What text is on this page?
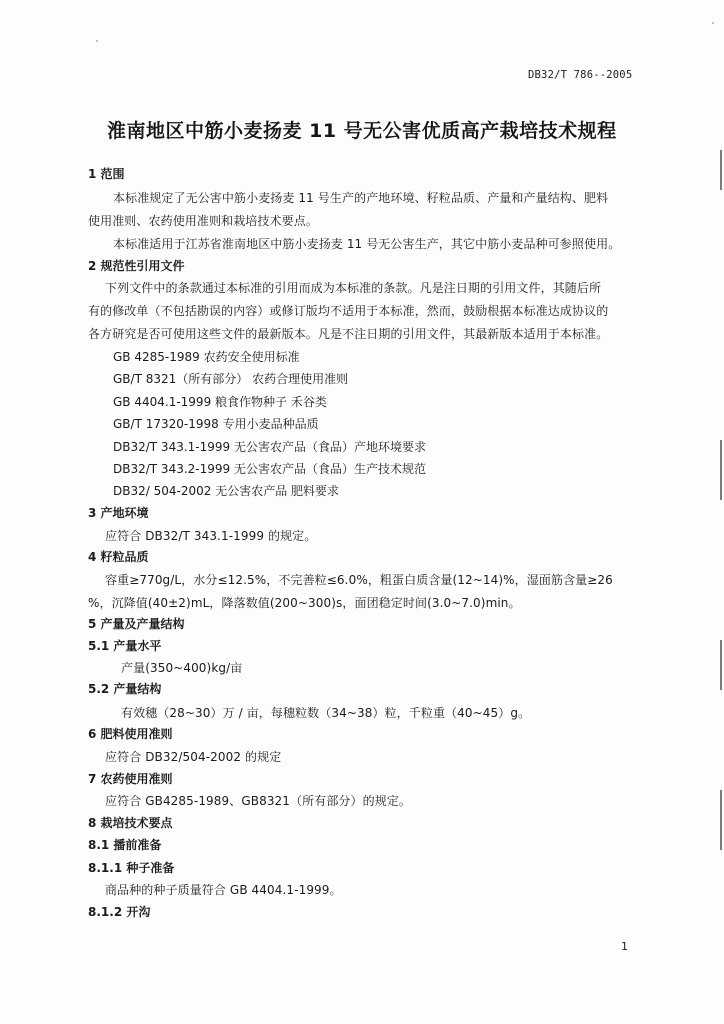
DB32/T 786--2005
淮南地区中筋小麦扬麦 11 号无公害优质高产栽培技术规程
1 范围
本标准规定了无公害中筋小麦扬麦 11 号生产的产地环境、籽粒品质、产量和产量结构、肥料
使用准则、农药使用准则和栽培技术要点。
本标准适用于江苏省淮南地区中筋小麦扬麦 11 号无公害生产，其它中筋小麦品种可参照使用。
2 规范性引用文件
下列文件中的条款通过本标准的引用而成为本标准的条款。凡是注日期的引用文件，其随后所
有的修改单（不包括勘误的内容）或修订版均不适用于本标准，然而，鼓励根据本标准达成协议的
各方研究是否可使用这些文件的最新版本。凡是不注日期的引用文件，其最新版本适用于本标准。
GB 4285-1989 农药安全使用标准
GB/T 8321（所有部分） 农药合理使用准则
GB 4404.1-1999 粮食作物种子 禾谷类
GB/T 17320-1998 专用小麦品种品质
DB32/T 343.1-1999 无公害农产品（食品）产地环境要求
DB32/T 343.2-1999 无公害农产品（食品）生产技术规范
DB32/ 504-2002 无公害农产品 肥料要求
3 产地环境
应符合 DB32/T 343.1-1999 的规定。
4 籽粒品质
容重≥770g/L，水分≤12.5%，不完善粒≤6.0%，粗蛋白质含量(12~14)%，湿面筋含量≥26
%，沉降值(40±2)mL，降落数值(200~300)s，面团稳定时间(3.0~7.0)min。
5 产量及产量结构
5.1 产量水平
产量(350~400)kg/亩
5.2 产量结构
有效穗（28~30）万 / 亩，每穗粒数（34~38）粒，千粒重（40~45）g。
6 肥料使用准则
应符合 DB32/504-2002 的规定
7 农药使用准则
应符合 GB4285-1989、GB8321（所有部分）的规定。
8 栽培技术要点
8.1 播前准备
8.1.1 种子准备
商品种的种子质量符合 GB 4404.1-1999。
8.1.2 开沟
1
